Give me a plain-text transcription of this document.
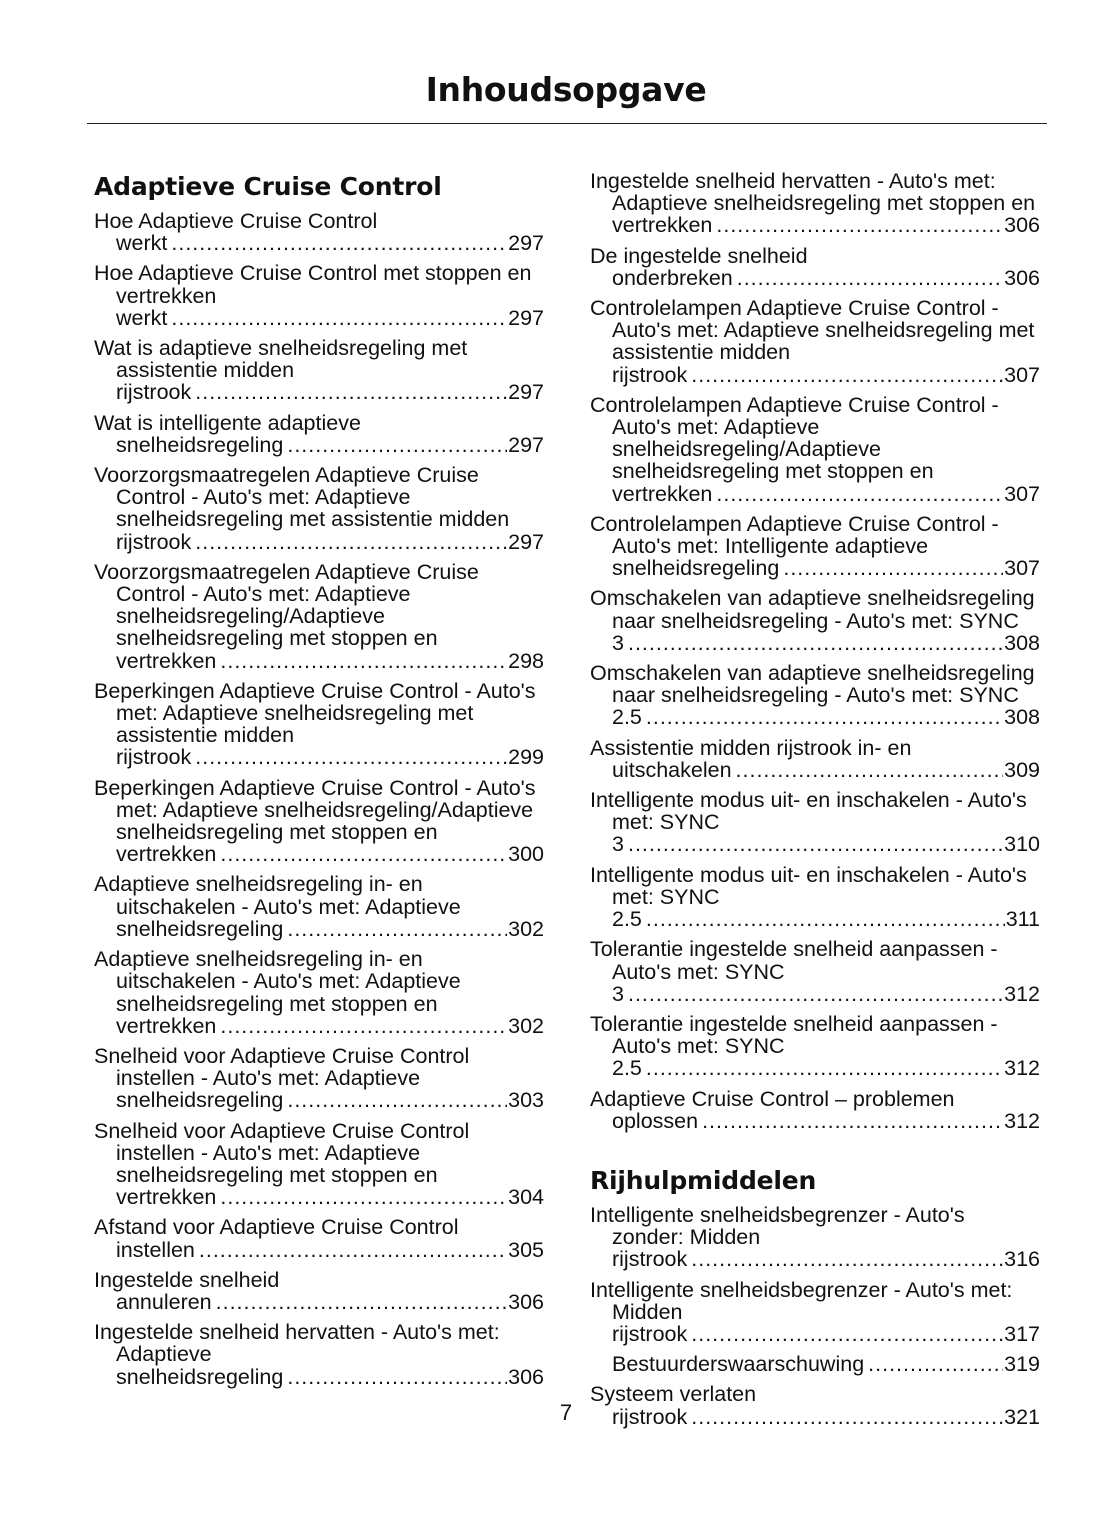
Inhoudsopgave
Adaptieve Cruise Control
Hoe Adaptieve Cruise Control
werkt .....	297
Hoe Adaptieve Cruise Control met stoppen en vertrekken
werkt .....	297
Wat is adaptieve snelheidsregeling met assistentie midden
rijstrook .....	297
Wat is intelligente adaptieve
snelheidsregeling .....	297
Voorzorgsmaatregelen Adaptieve Cruise Control - Auto's met: Adaptieve snelheidsregeling met assistentie midden
rijstrook .....	297
Voorzorgsmaatregelen Adaptieve Cruise Control - Auto's met: Adaptieve snelheidsregeling/Adaptieve snelheidsregeling met stoppen en
vertrekken .....	298
Beperkingen Adaptieve Cruise Control - Auto's met: Adaptieve snelheidsregeling met assistentie midden
rijstrook .....	299
Beperkingen Adaptieve Cruise Control - Auto's met: Adaptieve snelheidsregeling/Adaptieve snelheidsregeling met stoppen en
vertrekken .....	300
Adaptieve snelheidsregeling in- en uitschakelen - Auto's met: Adaptieve
snelheidsregeling .....	302
Adaptieve snelheidsregeling in- en uitschakelen - Auto's met: Adaptieve snelheidsregeling met stoppen en
vertrekken .....	302
Snelheid voor Adaptieve Cruise Control instellen - Auto's met: Adaptieve
snelheidsregeling .....	303
Snelheid voor Adaptieve Cruise Control instellen - Auto's met: Adaptieve snelheidsregeling met stoppen en
vertrekken .....	304
Afstand voor Adaptieve Cruise Control
instellen .....	305
Ingestelde snelheid
annuleren .....	306
Ingestelde snelheid hervatten - Auto's met: Adaptieve
snelheidsregeling .....	306
Ingestelde snelheid hervatten - Auto's met: Adaptieve snelheidsregeling met stoppen en
vertrekken .....	306
De ingestelde snelheid
onderbreken .....	306
Controlelampen Adaptieve Cruise Control - Auto's met: Adaptieve snelheidsregeling met assistentie midden
rijstrook .....	307
Controlelampen Adaptieve Cruise Control - Auto's met: Adaptieve snelheidsregeling/Adaptieve snelheidsregeling met stoppen en
vertrekken .....	307
Controlelampen Adaptieve Cruise Control - Auto's met: Intelligente adaptieve
snelheidsregeling .....	307
Omschakelen van adaptieve snelheidsregeling naar snelheidsregeling - Auto's met: SYNC
3 .....	308
Omschakelen van adaptieve snelheidsregeling naar snelheidsregeling - Auto's met: SYNC
2.5 .....	308
Assistentie midden rijstrook in- en
uitschakelen .....	309
Intelligente modus uit- en inschakelen - Auto's met: SYNC
3 .....	310
Intelligente modus uit- en inschakelen - Auto's met: SYNC
2.5 .....	311
Tolerantie ingestelde snelheid aanpassen - Auto's met: SYNC
3 .....	312
Tolerantie ingestelde snelheid aanpassen - Auto's met: SYNC
2.5 .....	312
Adaptieve Cruise Control – problemen
oplossen .....	312
Rijhulpmiddelen
Intelligente snelheidsbegrenzer - Auto's zonder: Midden
rijstrook .....	316
Intelligente snelheidsbegrenzer - Auto's met: Midden
rijstrook .....	317
Bestuurderswaarschuwing .....	319
Systeem verlaten
rijstrook .....	321
7
